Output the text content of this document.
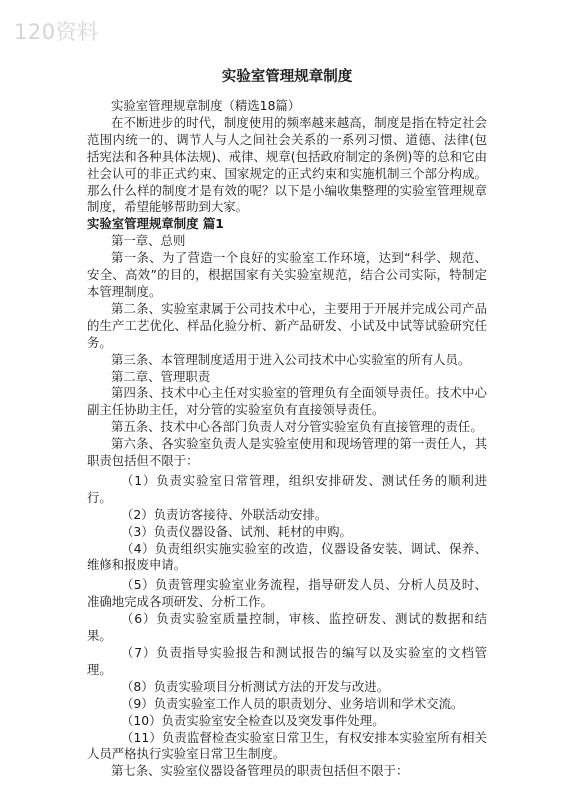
120资料
实验室管理规章制度

实验室管理规章制度（精选18篇）

在不断进步的时代，制度使用的频率越来越高，制度是指在特定社会范围内统一的、调节人与人之间社会关系的一系列习惯、道德、法律(包括宪法和各种具体法规)、戒律、规章(包括政府制定的条例)等的总和它由社会认可的非正式约束、国家规定的正式约束和实施机制三个部分构成。那么什么样的制度才是有效的呢？以下是小编收集整理的实验室管理规章制度，希望能够帮助到大家。

实验室管理规章制度 篇1

第一章、总则

第一条、为了营造一个良好的实验室工作环境，达到“科学、规范、安全、高效”的目的，根据国家有关实验室规范，结合公司实际，特制定本管理制度。

第二条、实验室隶属于公司技术中心，主要用于开展并完成公司产品的生产工艺优化、样品化验分析、新产品研发、小试及中试等试验研究任务。

第三条、本管理制度适用于进入公司技术中心实验室的所有人员。

第二章、管理职责

第四条、技术中心主任对实验室的管理负有全面领导责任。技术中心副主任协助主任，对分管的实验室负有直接领导责任。

第五条、技术中心各部门负责人对分管实验室负有直接管理的责任。

第六条、各实验室负责人是实验室使用和现场管理的第一责任人，其职责包括但不限于：

（1）负责实验室日常管理，组织安排研发、测试任务的顺利进行。

（2）负责访客接待、外联活动安排。

（3）负责仪器设备、试剂、耗材的申购。

（4）负责组织实施实验室的改造，仪器设备安装、调试、保养、维修和报废申请。

（5）负责管理实验室业务流程，指导研发人员、分析人员及时、准确地完成各项研发、分析工作。

（6）负责实验室质量控制，审核、监控研发、测试的数据和结果。

（7）负责指导实验报告和测试报告的编写以及实验室的文档管理。

（8）负责实验项目分析测试方法的开发与改进。

（9）负责实验室工作人员的职责划分、业务培训和学术交流。

（10）负责实验室安全检查以及突发事件处理。

（11）负责监督检查实验室日常卫生，有权安排本实验室所有相关人员严格执行实验室日常卫生制度。

第七条、实验室仪器设备管理员的职责包括但不限于：
